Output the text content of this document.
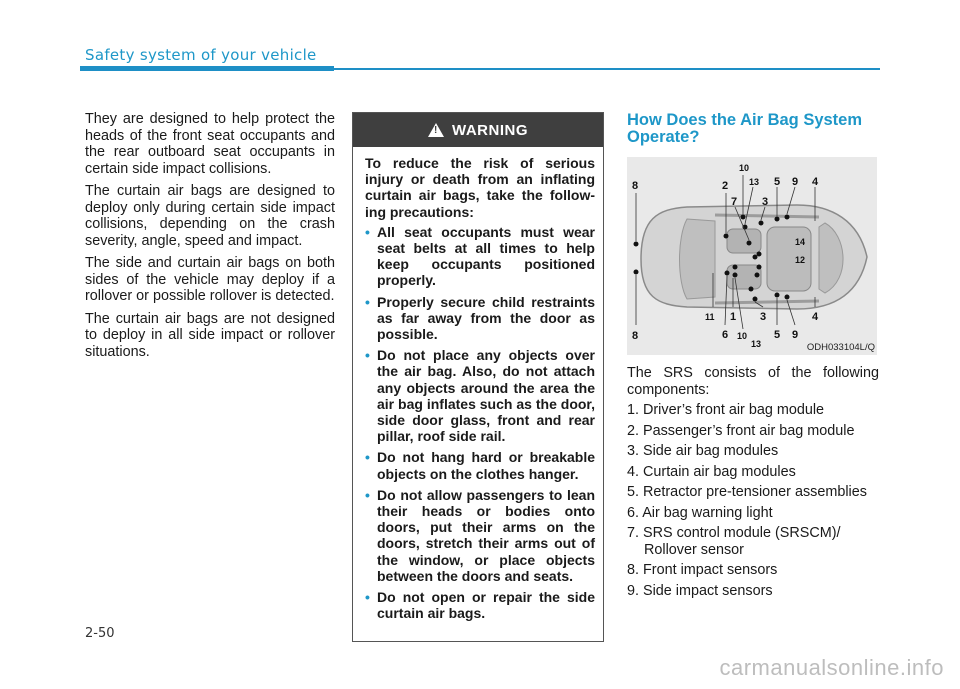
Safety system of your vehicle

They are designed to help protect the heads of the front seat occupants and the rear outboard seat occupants in certain side impact collisions.

The curtain air bags are designed to deploy only during certain side impact collisions, depending on the crash severity, angle, speed and impact.

The side and curtain air bags on both sides of the vehicle may deploy if a rollover or possible rollover is detected.

The curtain air bags are not designed to deploy in all side impact or rollover situations.

!
WARNING

To reduce the risk of serious injury or death from an inflating curtain air bags, take the follow-ing precautions:

• All seat occupants must wear seat belts at all times to help keep occupants positioned properly.
• Properly secure child restraints as far away from the door as possible.
• Do not place any objects over the air bag. Also, do not attach any objects around the area the air bag inflates such as the door, side door glass, front and rear pillar, roof side rail.
• Do not hang hard or breakable objects on the clothes hanger.
• Do not allow passengers to lean their heads or bodies onto doors, put their arms on the doors, stretch their arms out of the window, or place objects between the doors and seats.
• Do not open or repair the side curtain air bags.
How Does the Air Bag System Operate?
8	2
10
13 5 9 4
7 3
14
12
8
11 1
6 10
13
3
5 9
4
ODH033104L/Q

The SRS consists of the following components:

1. Driver’s front air bag module
2. Passenger’s front air bag module
3. Side air bag modules
4. Curtain air bag modules
5. Retractor pre-tensioner assemblies
6. Air bag warning light
7. SRS control module (SRSCM)/ Rollover sensor
8. Front impact sensors
9. Side impact sensors
2-50
carmanualsonline.info
